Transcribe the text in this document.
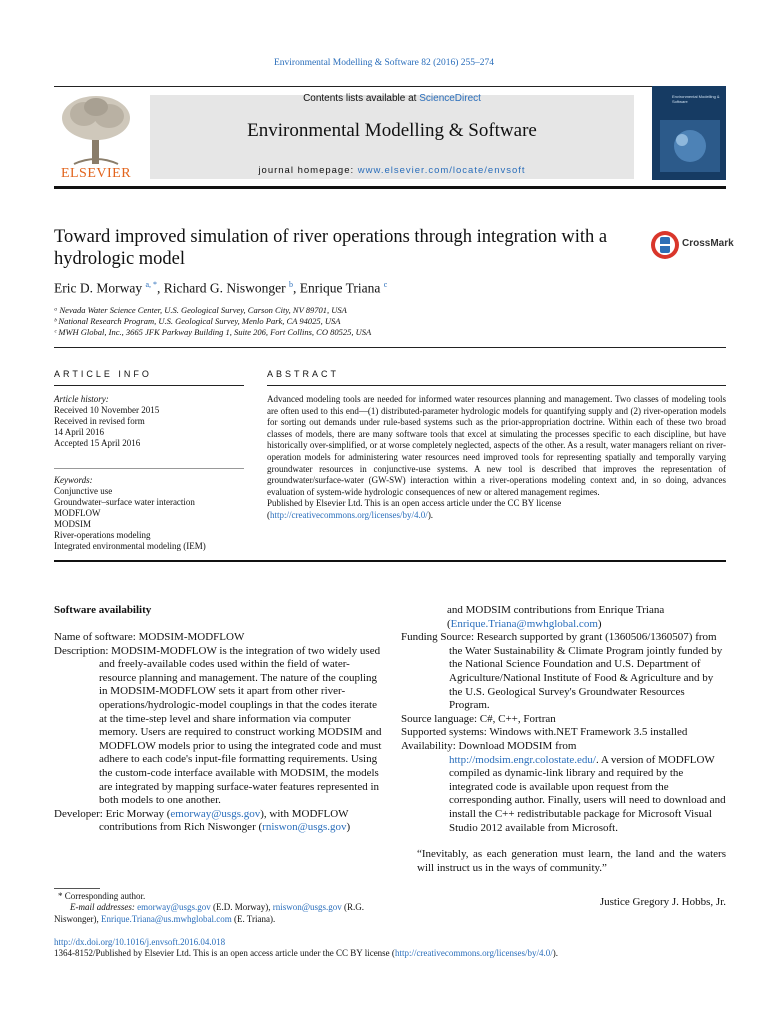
Environmental Modelling & Software 82 (2016) 255–274
ELSEVIER
Contents lists available at ScienceDirect
Environmental Modelling & Software
journal homepage: www.elsevier.com/locate/envsoft
Environmental Modelling & Software
Toward improved simulation of river operations through integration with a hydrologic model
CrossMark
Eric D. Morway $^{a, *}$, Richard G. Niswonger $^b$, Enrique Triana $^c$
ᵃ Nevada Water Science Center, U.S. Geological Survey, Carson City, NV 89701, USA
ᵇ National Research Program, U.S. Geological Survey, Menlo Park, CA 94025, USA
ᶜ MWH Global, Inc., 3665 JFK Parkway Building 1, Suite 206, Fort Collins, CO 80525, USA
ARTICLE INFO
Article history:
Received 10 November 2015
Received in revised form
14 April 2016
Accepted 15 April 2016
Keywords:
Conjunctive use
Groundwater–surface water interaction
MODFLOW
MODSIM
River-operations modeling
Integrated environmental modeling (IEM)
ABSTRACT
Advanced modeling tools are needed for informed water resources planning and management. Two classes of modeling tools are often used to this end—(1) distributed-parameter hydrologic models for quantifying supply and (2) river-operation models for sorting out demands under rule-based systems such as the prior-appropriation doctrine. Within each of these two broad classes of models, there are many software tools that excel at simulating the processes specific to each discipline, but have historically over-simplified, or at worse completely neglected, aspects of the other. As a result, water managers reliant on river-operation models for administering water resources need improved tools for representing spatially and temporally varying groundwater resources in conjunctive-use systems. A new tool is described that improves the representation of groundwater/surface-water (GW-SW) interaction within a river-operations modeling context and, in so doing, advances evaluation of system-wide hydrologic consequences of new or altered management regimes.
Published by Elsevier Ltd. This is an open access article under the CC BY license (http://creativecommons.org/licenses/by/4.0/).
Software availability

Name of software: MODSIM-MODFLOW

Description: MODSIM-MODFLOW is the integration of two widely used and freely-available codes used within the field of water-resource planning and management. The nature of the coupling in MODSIM-MODFLOW sets it apart from other river-operations/hydrologic-model couplings in that the codes iterate at the time-step level and share information via computer memory. Users are required to construct working MODSIM and MODFLOW models prior to using the integrated code and must adhere to each code's input-file formatting requirements. Using the custom-code interface available with MODSIM, the models are integrated by mapping surface-water features represented in both models to one another.

Developer: Eric Morway (emorway@usgs.gov), with MODFLOW contributions from Rich Niswonger (rniswon@usgs.gov)

and MODSIM contributions from Enrique Triana (Enrique.Triana@mwhglobal.com)

Funding Source: Research supported by grant (1360506/1360507) from the Water Sustainability & Climate Program jointly funded by the National Science Foundation and U.S. Department of Agriculture/National Institute of Food & Agriculture and by the U.S. Geological Survey's Groundwater Resources Program.

Source language: C#, C++, Fortran

Supported systems: Windows with.NET Framework 3.5 installed

Availability: Download MODSIM from http://modsim.engr.colostate.edu/. A version of MODFLOW compiled as dynamic-link library and required by the integrated code is available upon request from the corresponding author. Finally, users will need to download and install the C++ redistributable package for Microsoft Visual Studio 2012 available from Microsoft.

“Inevitably, as each generation must learn, the land and the waters will instruct us in the ways of community.”
Justice Gregory J. Hobbs, Jr.
* Corresponding author.
E-mail addresses: emorway@usgs.gov (E.D. Morway), rniswon@usgs.gov (R.G. Niswonger), Enrique.Triana@us.mwhglobal.com (E. Triana).
http://dx.doi.org/10.1016/j.envsoft.2016.04.018
1364-8152/Published by Elsevier Ltd. This is an open access article under the CC BY license (http://creativecommons.org/licenses/by/4.0/).
